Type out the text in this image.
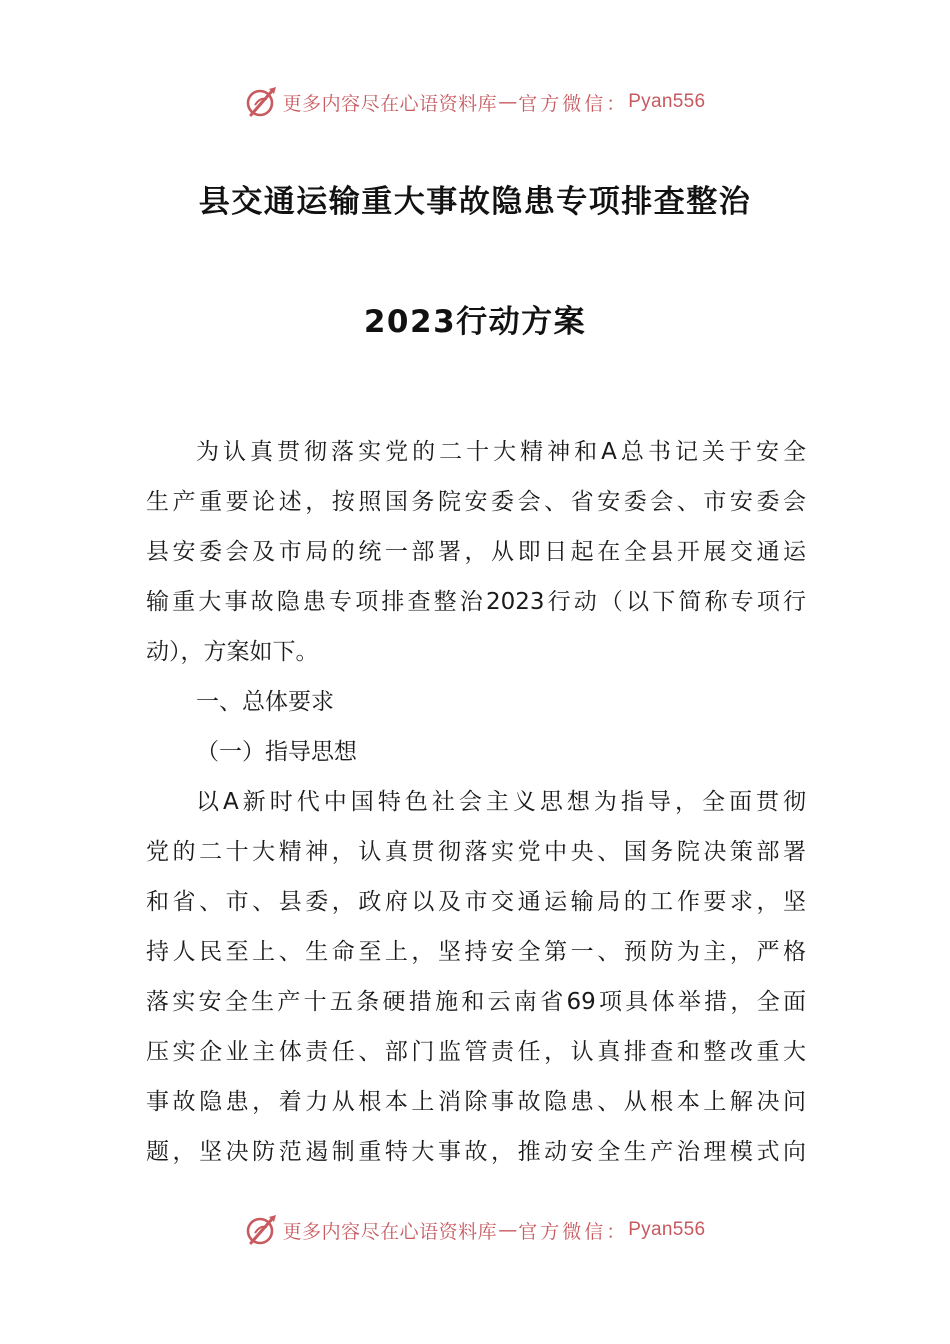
更多内容尽在心语资料库 — 官方微信： Pyan556
县交通运输重大事故隐患专项排查整治
2023行动方案
为认真贯彻落实党的二十大精神和A总书记关于安全
生产重要论述，按照国务院安委会、省安委会、市安委会
县安委会及市局的统一部署，从即日起在全县开展交通运
输重大事故隐患专项排查整治2023行动（以下简称专项行
动），方案如下。
一、总体要求
（一）指导思想
以A新时代中国特色社会主义思想为指导，全面贯彻
党的二十大精神，认真贯彻落实党中央、国务院决策部署
和省、市、县委，政府以及市交通运输局的工作要求，坚
持人民至上、生命至上，坚持安全第一、预防为主，严格
落实安全生产十五条硬措施和云南省69项具体举措，全面
压实企业主体责任、部门监管责任，认真排查和整改重大
事故隐患，着力从根本上消除事故隐患、从根本上解决问
题，坚决防范遏制重特大事故，推动安全生产治理模式向
更多内容尽在心语资料库 — 官方微信： Pyan556
